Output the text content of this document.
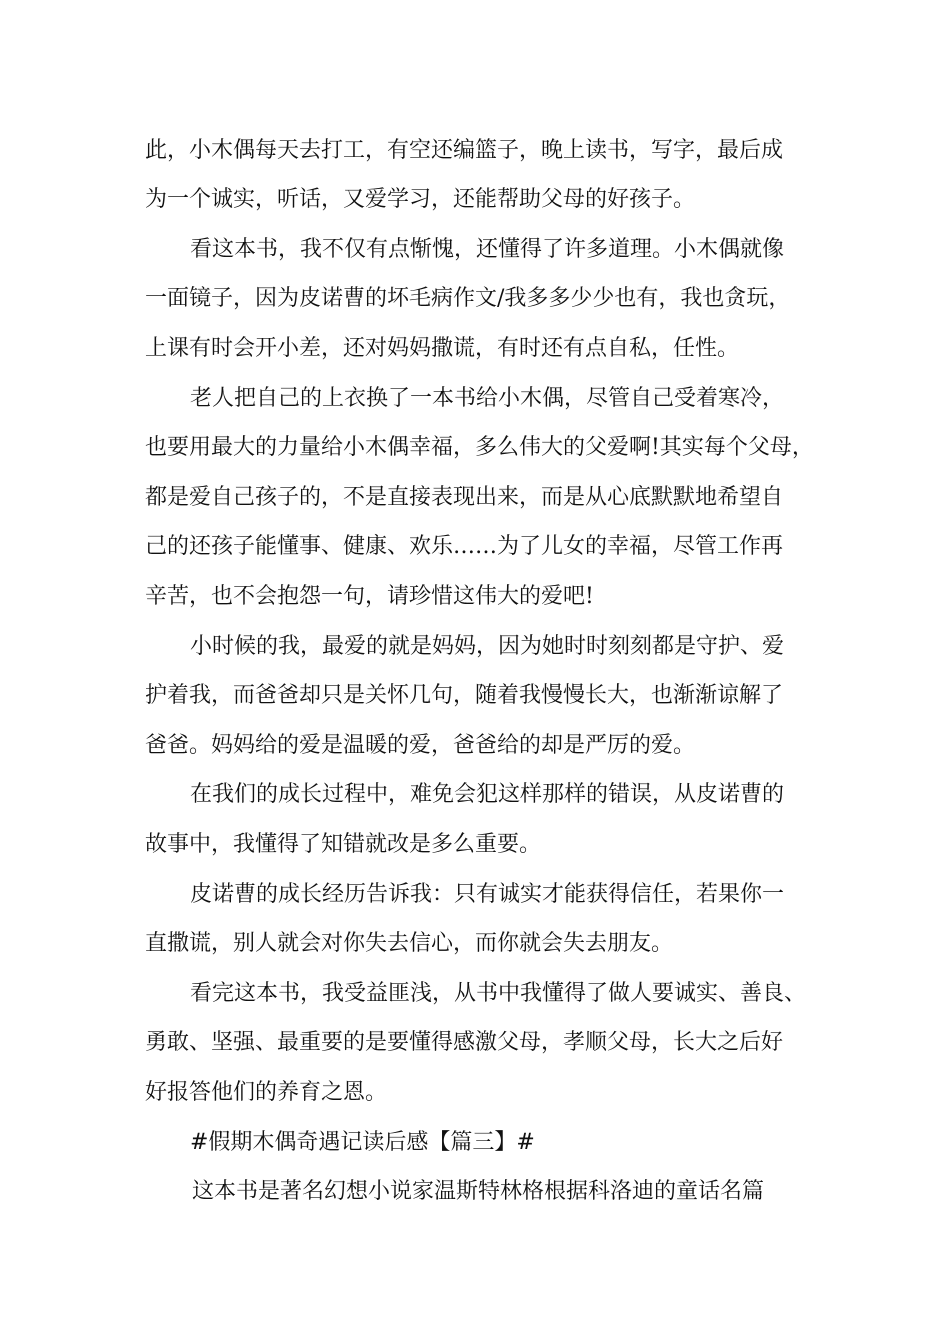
此，小木偶每天去打工，有空还编篮子，晚上读书，写字，最后成
为一个诚实，听话，又爱学习，还能帮助父母的好孩子。
看这本书，我不仅有点惭愧，还懂得了许多道理。小木偶就像
一面镜子，因为皮诺曹的坏毛病作文/我多多少少也有，我也贪玩，
上课有时会开小差，还对妈妈撒谎，有时还有点自私，任性。
老人把自己的上衣换了一本书给小木偶，尽管自己受着寒冷，
也要用最大的力量给小木偶幸福，多么伟大的父爱啊!其实每个父母，
都是爱自己孩子的，不是直接表现出来，而是从心底默默地希望自
己的还孩子能懂事、健康、欢乐……为了儿女的幸福，尽管工作再
辛苦，也不会抱怨一句，请珍惜这伟大的爱吧!
小时候的我，最爱的就是妈妈，因为她时时刻刻都是守护、爱
护着我，而爸爸却只是关怀几句，随着我慢慢长大，也渐渐谅解了
爸爸。妈妈给的爱是温暖的爱，爸爸给的却是严厉的爱。
在我们的成长过程中，难免会犯这样那样的错误，从皮诺曹的
故事中，我懂得了知错就改是多么重要。
皮诺曹的成长经历告诉我：只有诚实才能获得信任，若果你一
直撒谎，别人就会对你失去信心，而你就会失去朋友。
看完这本书，我受益匪浅，从书中我懂得了做人要诚实、善良、
勇敢、坚强、最重要的是要懂得感激父母，孝顺父母，长大之后好
好报答他们的养育之恩。
#假期木偶奇遇记读后感【篇三】#
这本书是著名幻想小说家温斯特林格根据科洛迪的童话名篇
